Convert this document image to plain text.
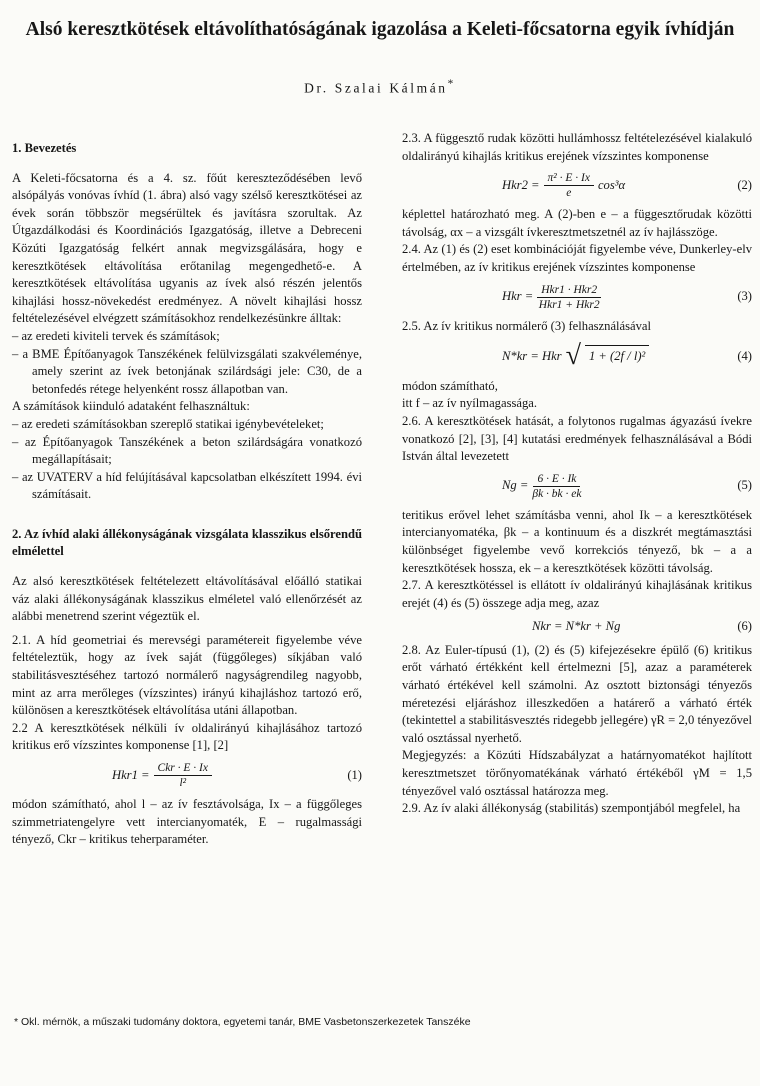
Alsó keresztkötések eltávolíthatóságának igazolása a Keleti-főcsatorna egyik ívhídján
Dr. Szalai Kálmán*

1. Bevezetés

A Keleti-főcsatorna és a 4. sz. főút kereszteződésében levő alsópályás vonóvas ívhíd (1. ábra) alsó vagy szélső keresztkötései az évek során többször megsérültek és javításra szorultak. Az Útgazdálkodási és Koordinációs Igazgatóság, illetve a Debreceni Közúti Igazgatóság felkért annak megvizsgálására, hogy e keresztkötések eltávolítása erőtanilag megengedhető-e. A keresztkötések eltávolítása ugyanis az ívek alsó részén jelentős kihajlási hossz-növekedést eredményez. A növelt kihajlási hossz feltételezésével elvégzett számításokhoz rendelkezésünkre álltak:

– az eredeti kiviteli tervek és számítások;

– a BME Építőanyagok Tanszékének felülvizsgálati szakvéleménye, amely szerint az ívek betonjának szilárdsági jele: C30, de a betonfedés rétege helyenként rossz állapotban van.

A számítások kiinduló adataként felhasználtuk:

– az eredeti számításokban szereplő statikai igénybevételeket;

– az Építőanyagok Tanszékének a beton szilárdságára vonatkozó megállapításait;

– az UVATERV a híd felújításával kapcsolatban elkészített 1994. évi számításait.

2. Az ívhíd alaki állékonyságának vizsgálata klasszikus elsőrendű elmélettel

Az alsó keresztkötések feltételezett eltávolításával előálló statikai váz alaki állékonyságának klasszikus elméletel való ellenőrzését az alábbi menetrend szerint végeztük el.

2.1. A híd geometriai és merevségi paramétereit figyelembe véve feltételeztük, hogy az ívek saját (függőleges) síkjában való stabilitásvesztéséhez tartozó normálerő nagyságrendileg nagyobb, mint az arra merőleges (vízszintes) irányú kihajláshoz tartozó erő, különösen a keresztkötések eltávolítása utáni állapotban.

2.2 A keresztkötések nélküli ív oldalirányú kihajlásához tartozó kritikus erő vízszintes komponense [1], [2]

$Hkr1 = \frac{\text{Ckr · E · Ix}}{\text{l²}}$	(1)

módon számítható, ahol l – az ív fesztávolsága, Ix – a függőleges szimmetriatengelyre vett intercianyomaték, E – rugalmassági tényező, Ckr – kritikus teherparaméter.

2.3. A függesztő rudak közötti hullámhossz feltételezésével kialakuló oldalirányú kihajlás kritikus erejének vízszintes komponense

$Hkr2 = \frac{\text{π² · E · Ix}}{e} \cos^3\alpha$	(2)

képlettel határozható meg. A (2)-ben e – a függesztőrudak közötti távolság, αx – a vizsgált ívkeresztmetszetnél az ív hajlásszöge.

2.4. Az (1) és (2) eset kombinációját figyelembe véve, Dunkerley-elv értelmében, az ív kritikus erejének vízszintes komponense

Hkr = $\frac{\text{Hkr1 · Hkr2}}{\text{Hkr1 + Hkr2}}$	(3)

2.5. Az ív kritikus normálerő (3) felhasználásával

N*kr = Hkr √ 1 + (2f / l)²	(4)

módon számítható,

itt f – az ív nyílmagassága.

2.6. A keresztkötések hatását, a folytonos rugalmas ágyazású ívekre vonatkozó [2], [3], [4] kutatási eredmények felhasználásával a Bódi István által levezetett

$Ng = \frac{6 \cdot E \cdot Ik}{\beta k \cdot bk \cdot ek}$	(5)

teritikus erővel lehet számításba venni, ahol Ik – a keresztkötések intercianyomatéka, βk – a kontinuum és a diszkrét megtámasztási különbséget figyelembe vevő korrekciós tényező, bk – a a keresztkötések hossza, ek – a keresztkötések közötti távolság.

2.7. A keresztkötéssel is ellátott ív oldalirányú kihajlásának kritikus erejét (4) és (5) összege adja meg, azaz

Nkr = N*kr + Ng	(6)

2.8. Az Euler-típusú (1), (2) és (5) kifejezésekre épülő (6) kritikus erőt várható értékként kell értelmezni [5], azaz a paraméterek várható értékével kell számolni. Az osztott biztonsági tényezős méretezési eljáráshoz illeszkedően a határerő a várható érték (tekintettel a stabilitásvesztés ridegebb jellegére) γR = 2,0 tényezővel való osztással nyerhető.

Megjegyzés: a Közúti Hídszabályzat a határnyomatékot hajlított keresztmetszet törőnyomatékának várható értékéből γM = 1,5 tényezővel való osztással határozza meg.

2.9. Az ív alaki állékonyság (stabilitás) szempontjából megfelel, ha

* Okl. mérnök, a műszaki tudomány doktora, egyetemi tanár, BME Vasbetonszerkezetek Tanszéke
